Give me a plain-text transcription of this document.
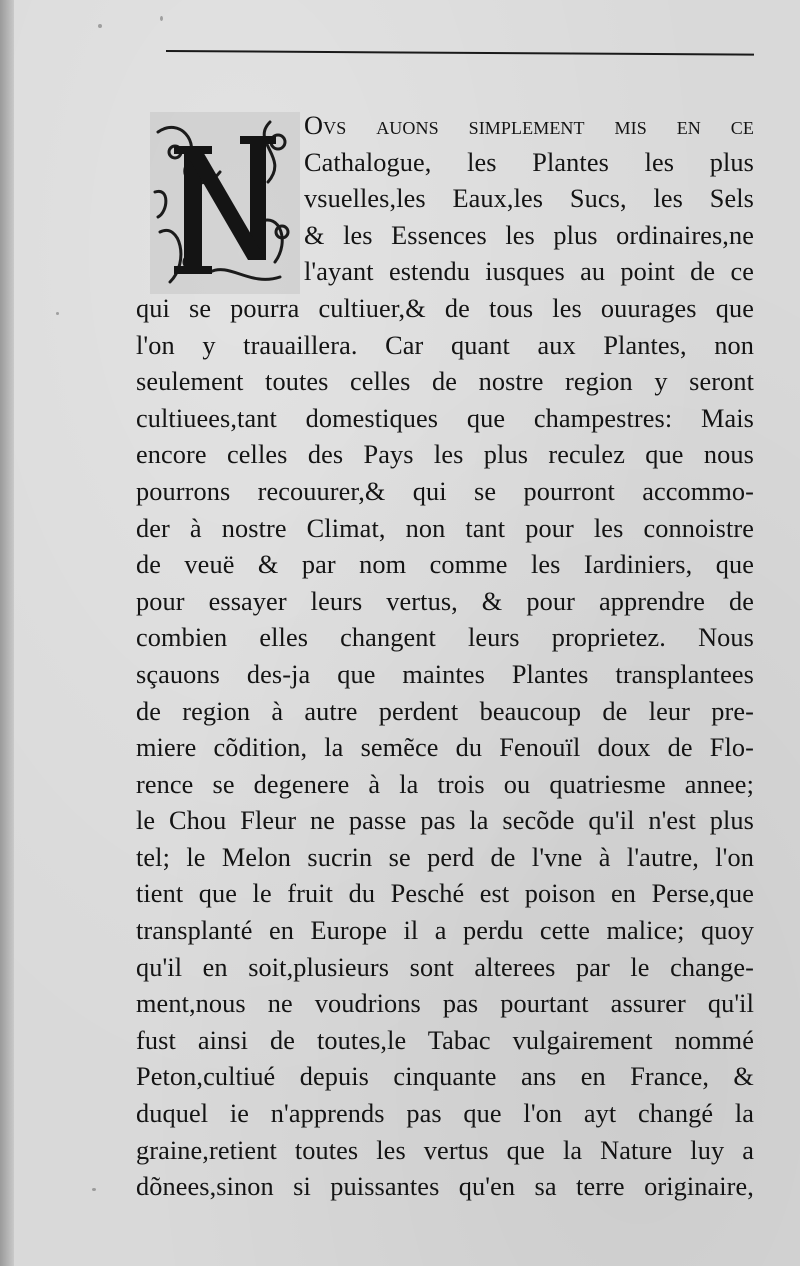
Ovs auons simplement mis en ce
Cathalogue, les Plantes les plus
vsuelles,les Eaux,les Sucs, les Sels
& les Essences les plus ordinaires,ne
l'ayant estendu iusques au point de ce
qui se pourra cultiuer,& de tous les ouurages que
l'on y trauaillera. Car quant aux Plantes, non
seulement toutes celles de nostre region y seront
cultiuees,tant domestiques que champestres: Mais
encore celles des Pays les plus reculez que nous
pourrons recouurer,& qui se pourront accommo-
der à nostre Climat, non tant pour les connoistre
de veuë & par nom comme les Iardiniers, que
pour essayer leurs vertus, & pour apprendre de
combien elles changent leurs proprietez. Nous
sçauons des-ja que maintes Plantes transplantees
de region à autre perdent beaucoup de leur pre-
miere cõdition, la semẽce du Fenouïl doux de Flo-
rence se degenere à la trois ou quatriesme annee;
le Chou Fleur ne passe pas la secõde qu'il n'est plus
tel; le Melon sucrin se perd de l'vne à l'autre, l'on
tient que le fruit du Pesché est poison en Perse,que
transplanté en Europe il a perdu cette malice; quoy
qu'il en soit,plusieurs sont alterees par le change-
ment,nous ne voudrions pas pourtant assurer qu'il
fust ainsi de toutes,le Tabac vulgairement nommé
Peton,cultiué depuis cinquante ans en France, &
duquel ie n'apprends pas que l'on ayt changé la
graine,retient toutes les vertus que la Nature luy a
dõnees,sinon si puissantes qu'en sa terre originaire,
